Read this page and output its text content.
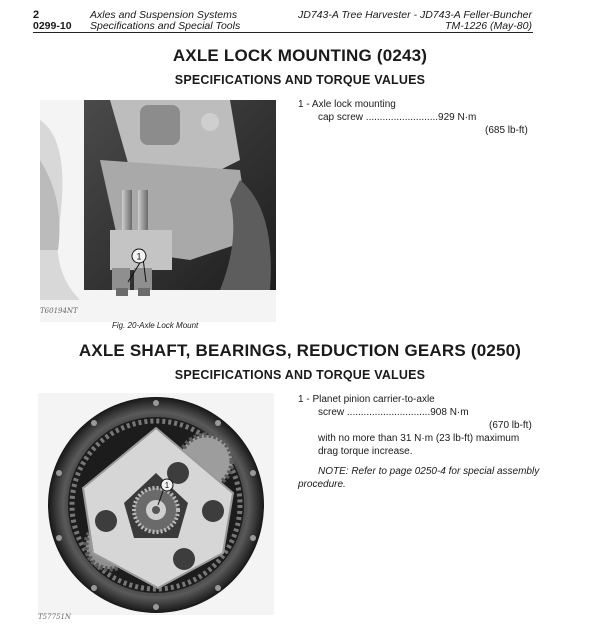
2	Axles and Suspension Systems	JD743-A Tree Harvester - JD743-A Feller-Buncher
0299-10 Specifications and Special Tools	TM-1226 (May-80)
AXLE LOCK MOUNTING (0243)
SPECIFICATIONS AND TORQUE VALUES
1
T60194NT
Fig. 20-Axle Lock Mount
1 - Axle lock mounting
cap screw ..........................929 N·m
(685 lb-ft)
AXLE SHAFT, BEARINGS, REDUCTION GEARS (0250)
SPECIFICATIONS AND TORQUE VALUES
1
T57751N
1 - Planet pinion carrier-to-axle
screw ..............................908 N·m
(670 lb-ft)
with no more than 31 N·m (23 lb-ft) maximum
drag torque increase.
NOTE: Refer to page 0250-4 for special assembly
procedure.
